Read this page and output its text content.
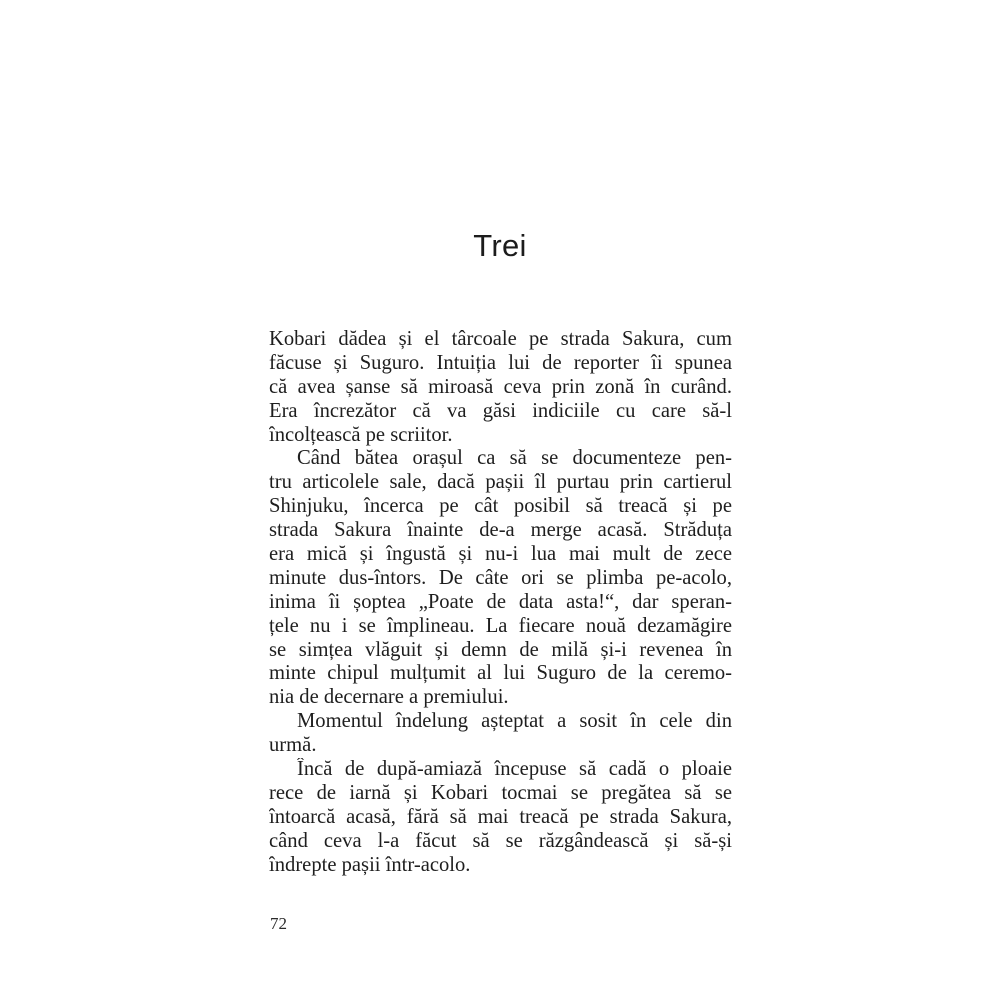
Trei
Kobari dădea și el târcoale pe strada Sakura, cum
făcuse și Suguro. Intuiția lui de reporter îi spunea
că avea șanse să miroasă ceva prin zonă în curând.
Era încrezător că va găsi indiciile cu care să-l
încolțească pe scriitor.
Când bătea orașul ca să se documenteze pen-
tru articolele sale, dacă pașii îl purtau prin cartierul
Shinjuku, încerca pe cât posibil să treacă și pe
strada Sakura înainte de-a merge acasă. Străduța
era mică și îngustă și nu-i lua mai mult de zece
minute dus-întors. De câte ori se plimba pe-acolo,
inima îi șoptea „Poate de data asta!“, dar speran-
țele nu i se împlineau. La fiecare nouă dezamăgire
se simțea vlăguit și demn de milă și-i revenea în
minte chipul mulțumit al lui Suguro de la ceremo-
nia de decernare a premiului.
Momentul îndelung așteptat a sosit în cele din
urmă.
Încă de după-amiază începuse să cadă o ploaie
rece de iarnă și Kobari tocmai se pregătea să se
întoarcă acasă, fără să mai treacă pe strada Sakura,
când ceva l-a făcut să se răzgândească și să-și
îndrepte pașii într-acolo.

72
